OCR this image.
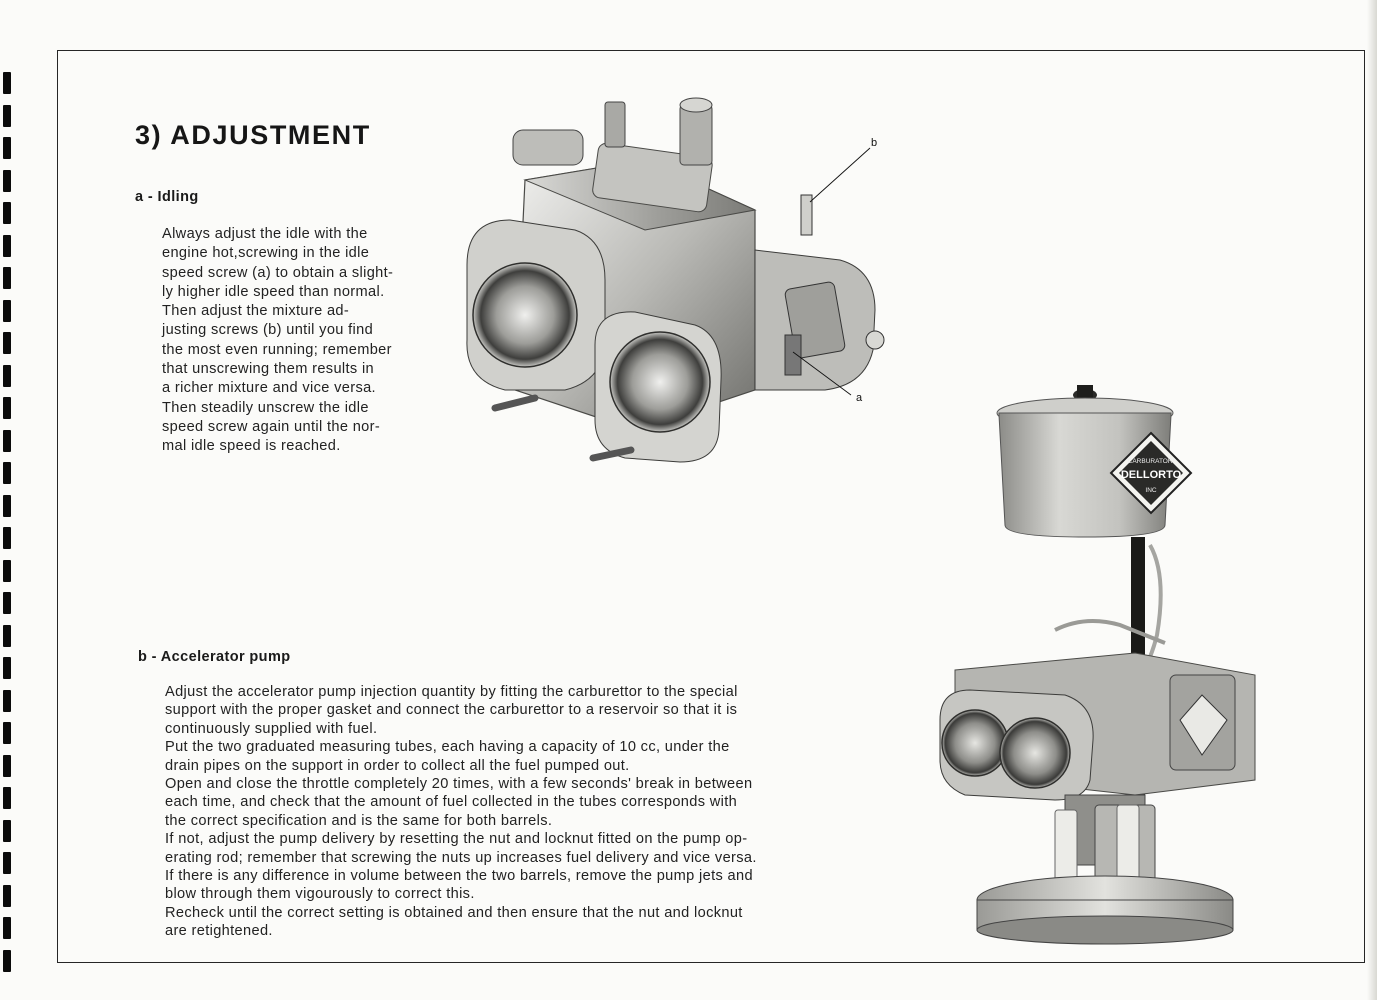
3) ADJUSTMENT
a - Idling
Always adjust the idle with the
engine hot,screwing in the idle
speed screw (a) to obtain a slight-
ly higher idle speed than normal.
Then adjust the mixture ad-
justing screws (b) until you find
the most even running; remember
that unscrewing them results in
a richer mixture and vice versa.
Then steadily unscrew the idle
speed screw again until the nor-
mal idle speed is reached.
b - Accelerator pump
Adjust the accelerator pump injection quantity by fitting the carburettor to the special
support with the proper gasket and connect the carburettor to a reservoir so that it is
continuously supplied with fuel.
Put the two graduated measuring tubes, each having a capacity of 10 cc, under the
drain pipes on the support in order to collect all the fuel pumped out.
Open and close the throttle completely 20 times, with a few seconds' break in between
each time, and check that the amount of fuel collected in the tubes corresponds with
the correct specification and is the same for both barrels.
If not, adjust the pump delivery by resetting the nut and locknut fitted on the pump op-
erating rod; remember that screwing the nuts up increases fuel delivery and vice versa.
If there is any difference in volume between the two barrels, remove the pump jets and
blow through them vigourously to correct this.
Recheck until the correct setting is obtained and then ensure that the nut and locknut
are retightened.
b
a
CARBURATORI
DELLORTO
INC
